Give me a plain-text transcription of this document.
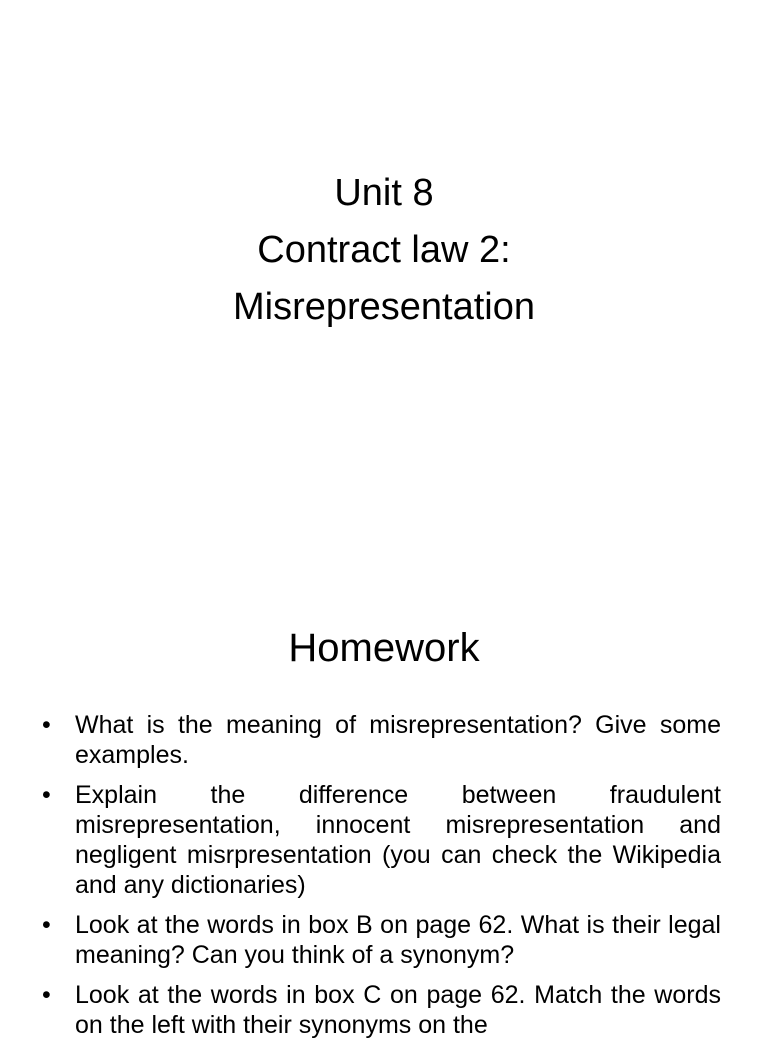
Unit 8
Contract law 2:
Misrepresentation
Homework
• What is the meaning of misrepresentation? Give some examples.
• Explain the difference between fraudulent misrepresentation, innocent misrepresentation and negligent misrpresentation (you can check the Wikipedia and any dictionaries)
• Look at the words in box B on page 62. What is their legal meaning? Can you think of a synonym?
• Look at the words in box C on page 62. Match the words on the left with their synonyms on the
